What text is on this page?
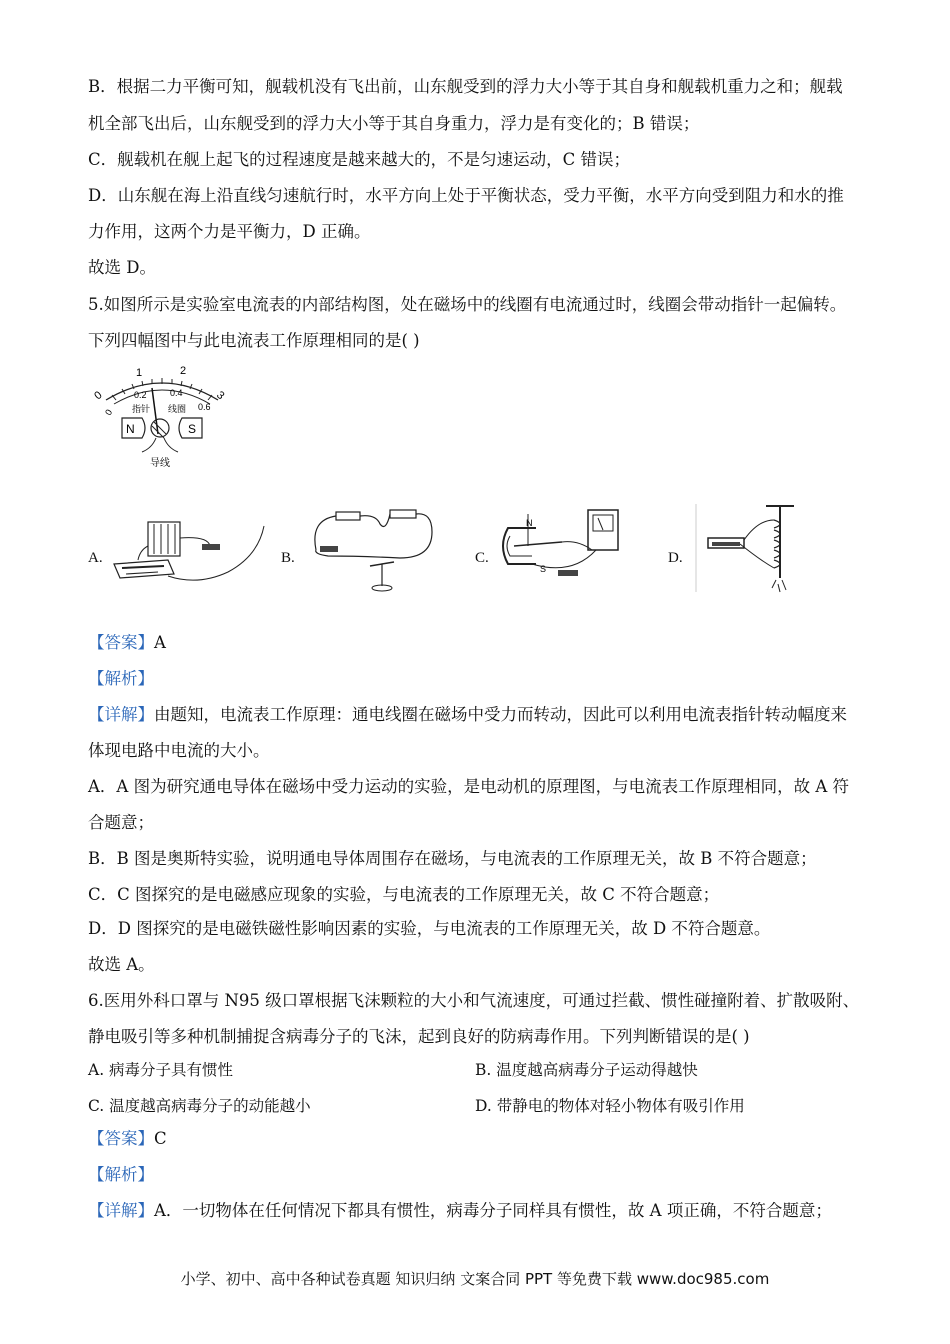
B．根据二力平衡可知，舰载机没有飞出前，山东舰受到的浮力大小等于其自身和舰载机重力之和；舰载
机全部飞出后，山东舰受到的浮力大小等于其自身重力，浮力是有变化的；B 错误；
C．舰载机在舰上起飞的过程速度是越来越大的，不是匀速运动，C 错误；
D．山东舰在海上沿直线匀速航行时，水平方向上处于平衡状态，受力平衡，水平方向受到阻力和水的推
力作用，这两个力是平衡力，D 正确。
故选 D。
5.如图所示是实验室电流表的内部结构图，处在磁场中的线圈有电流通过时，线圈会带动指针一起偏转。
下列四幅图中与此电流表工作原理相同的是( )
0
1	2
3
0
0.2	0.4
0.6
指针 线圈
N	S
导线
A.	B.	C.
N
S
D.
【答案】A
【解析】
【详解】由题知，电流表工作原理：通电线圈在磁场中受力而转动，因此可以利用电流表指针转动幅度来
体现电路中电流的大小。
A．A 图为研究通电导体在磁场中受力运动的实验，是电动机的原理图，与电流表工作原理相同，故 A 符
合题意；
B．B 图是奥斯特实验，说明通电导体周围存在磁场，与电流表的工作原理无关，故 B 不符合题意；
C．C 图探究的是电磁感应现象的实验，与电流表的工作原理无关，故 C 不符合题意；
D．D 图探究的是电磁铁磁性影响因素的实验，与电流表的工作原理无关，故 D 不符合题意。
故选 A。
6.医用外科口罩与 N95 级口罩根据飞沫颗粒的大小和气流速度，可通过拦截、惯性碰撞附着、扩散吸附、
静电吸引等多种机制捕捉含病毒分子的飞沫，起到良好的防病毒作用。下列判断错误的是( )
A. 病毒分子具有惯性	B. 温度越高病毒分子运动得越快
C. 温度越高病毒分子的动能越小	D. 带静电的物体对轻小物体有吸引作用
【答案】C
【解析】
【详解】A．一切物体在任何情况下都具有惯性，病毒分子同样具有惯性，故 A 项正确，不符合题意；
小学、初中、高中各种试卷真题 知识归纳 文案合同 PPT 等免费下载 www.doc985.com
